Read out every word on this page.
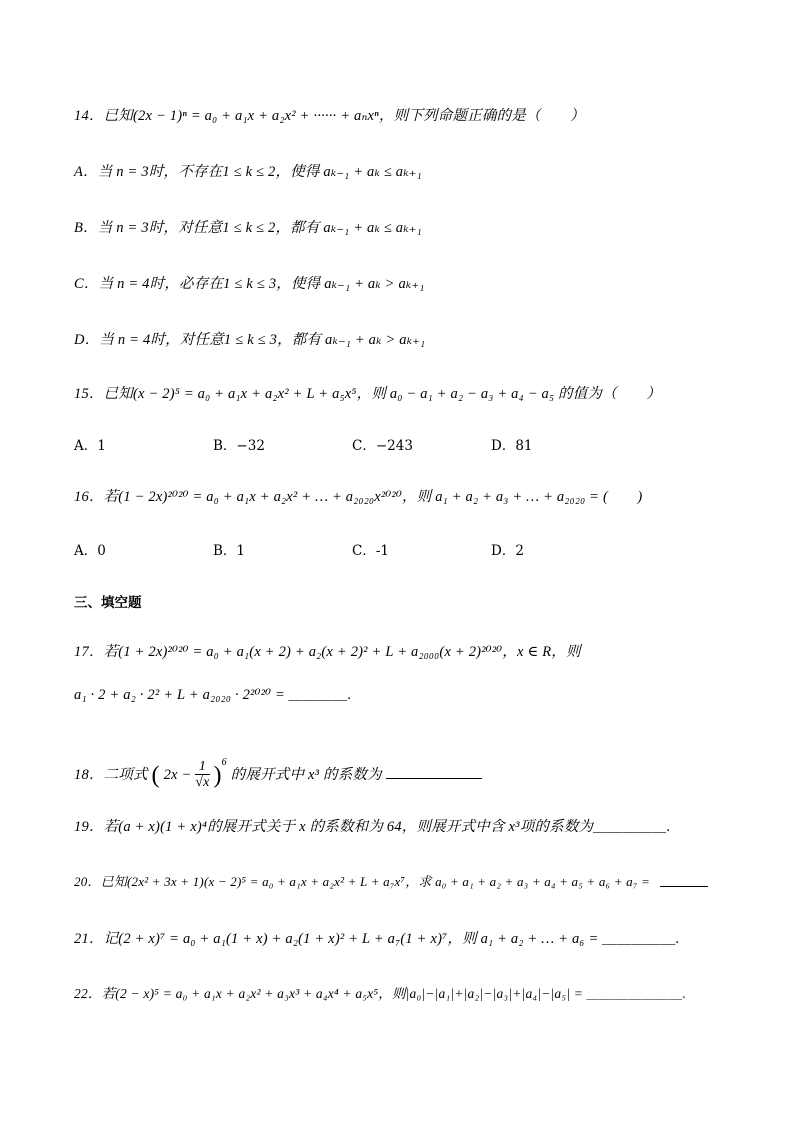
14．已知(2x − 1)ⁿ = a₀ + a₁x + a₂x² + ······ + aₙxⁿ，则下列命题正确的是（　　）
A．当 n = 3时，不存在1 ≤ k ≤ 2，使得 aₖ₋₁ + aₖ ≤ aₖ₊₁
B．当 n = 3时，对任意1 ≤ k ≤ 2，都有 aₖ₋₁ + aₖ ≤ aₖ₊₁
C．当 n = 4时，必存在1 ≤ k ≤ 3，使得 aₖ₋₁ + aₖ > aₖ₊₁
D．当 n = 4时，对任意1 ≤ k ≤ 3，都有 aₖ₋₁ + aₖ > aₖ₊₁
15．已知(x − 2)⁵ = a₀ + a₁x + a₂x² + L + a₅x⁵，则 a₀ − a₁ + a₂ − a₃ + a₄ − a₅ 的值为（　　）
A．1	B．−32	C．−243	D．81
16．若(1 − 2x)²⁰²⁰ = a₀ + a₁x + a₂x² + … + a₂₀₂₀x²⁰²⁰，则 a₁ + a₂ + a₃ + … + a₂₀₂₀ = (　　)
A．0	B．1	C．-1	D．2
三、填空题
17．若(1 + 2x)²⁰²⁰ = a₀ + a₁(x + 2) + a₂(x + 2)² + L + a₂₀₀₀(x + 2)²⁰²⁰，x ∈ R，则
a₁ · 2 + a₂ · 2² + L + a₂₀₂₀ · 2²⁰²⁰ = ＿＿＿＿.
18．二项式 ( $2x - \frac{1}{√x} )^6$ 的展开式中 x³ 的系数为
19．若(a + x)(1 + x)⁴的展开式关于 x 的系数和为 64，则展开式中含 x³项的系数为＿＿＿＿＿.
20．已知(2x² + 3x + 1)(x − 2)⁵ = a₀ + a₁x + a₂x² + L + a₇x⁷，求 a₀ + a₁ + a₂ + a₃ + a₄ + a₅ + a₆ + a₇ =
21．记(2 + x)⁷ = a₀ + a₁(1 + x) + a₂(1 + x)² + L + a₇(1 + x)⁷，则 a₁ + a₂ + … + a₆ = ＿＿＿＿＿.
22．若(2 − x)⁵ = a₀ + a₁x + a₂x² + a₃x³ + a₄x⁴ + a₅x⁵，则|a₀|−|a₁|+|a₂|−|a₃|+|a₄|−|a₅| = ＿＿＿＿＿＿＿.
